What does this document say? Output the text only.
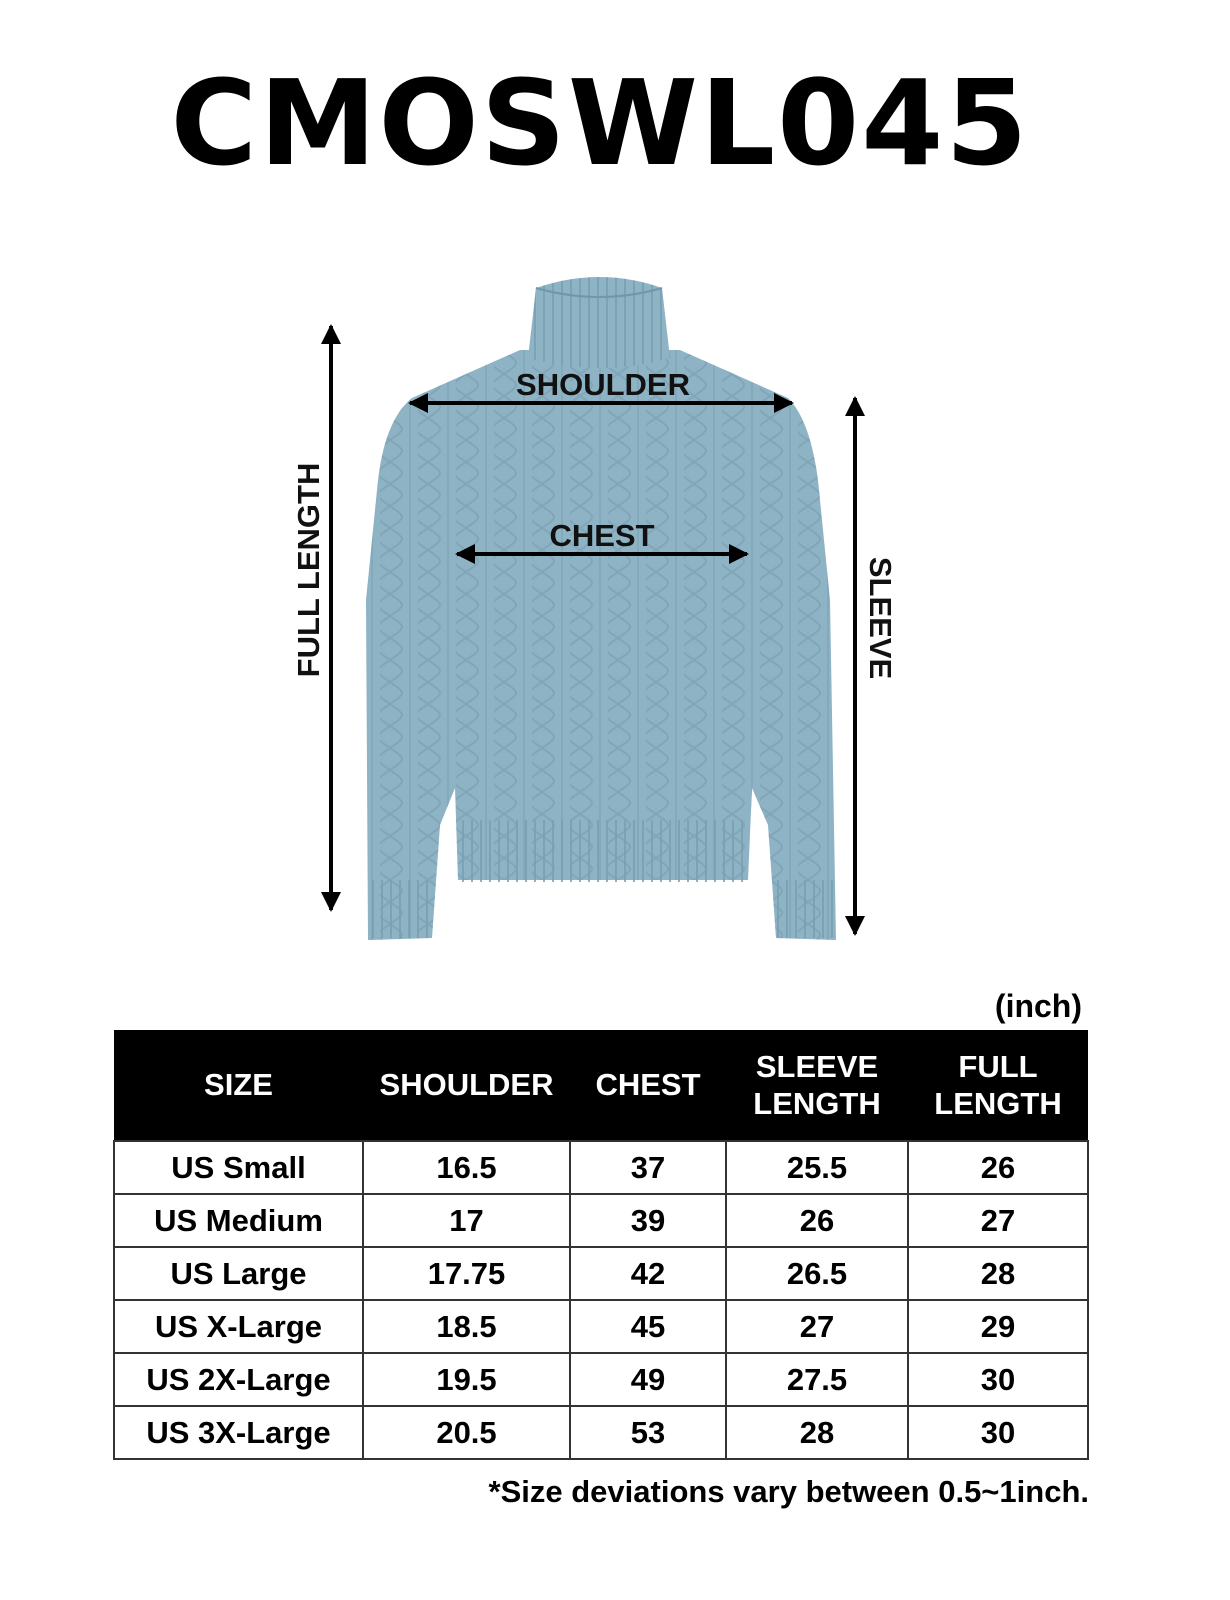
CMOSWL045
SHOULDER
CHEST
FULL LENGTH	SLEEVE
(inch)
SIZE	SHOULDER	CHEST	SLEEVE LENGTH	FULL LENGTH
US Small	16.5	37	25.5	26
US Medium	17	39	26	27
US Large	17.75	42	26.5	28
US X-Large	18.5	45	27	29
US 2X-Large	19.5	49	27.5	30
US 3X-Large	20.5	53	28	30
*Size deviations vary between 0.5~1inch.
